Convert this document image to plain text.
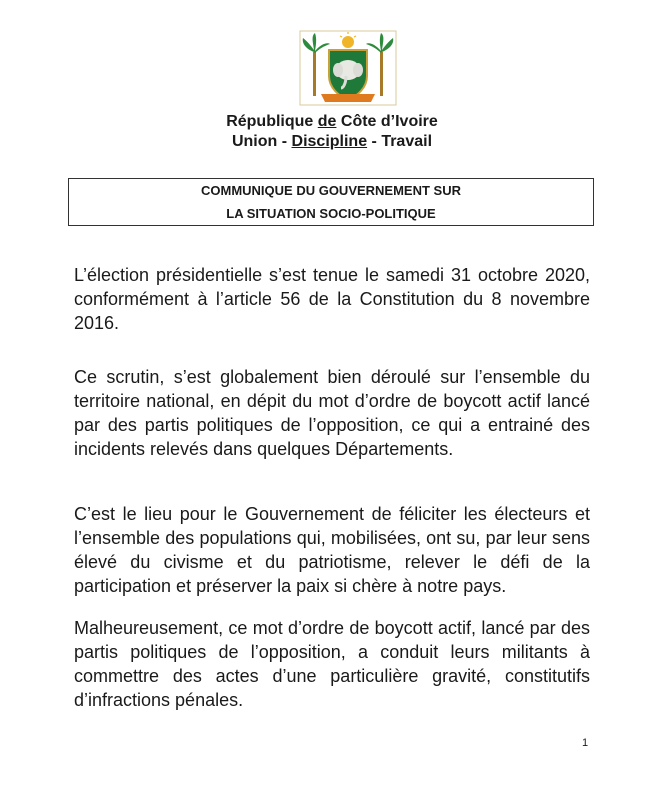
République de Côte d’Ivoire
Union - Discipline - Travail
COMMUNIQUE DU GOUVERNEMENT SUR
LA SITUATION SOCIO-POLITIQUE

L’élection présidentielle s’est tenue le samedi 31 octobre 2020, conformément à l’article 56 de la Constitution du 8 novembre 2016.

Ce scrutin, s’est globalement bien déroulé sur l’ensemble du territoire national, en dépit du mot d’ordre de boycott actif lancé par des partis politiques de l’opposition, ce qui a entrainé des incidents relevés dans quelques Départements.

C’est le lieu pour le Gouvernement de féliciter les électeurs et l’ensemble des populations qui, mobilisées, ont su, par leur sens élevé du civisme et du patriotisme, relever le défi de la participation et préserver la paix si chère à notre pays.

Malheureusement, ce mot d’ordre de boycott actif, lancé par des partis politiques de l’opposition, a conduit leurs militants à commettre des actes d’une particulière gravité, constitutifs d’infractions pénales.

1
